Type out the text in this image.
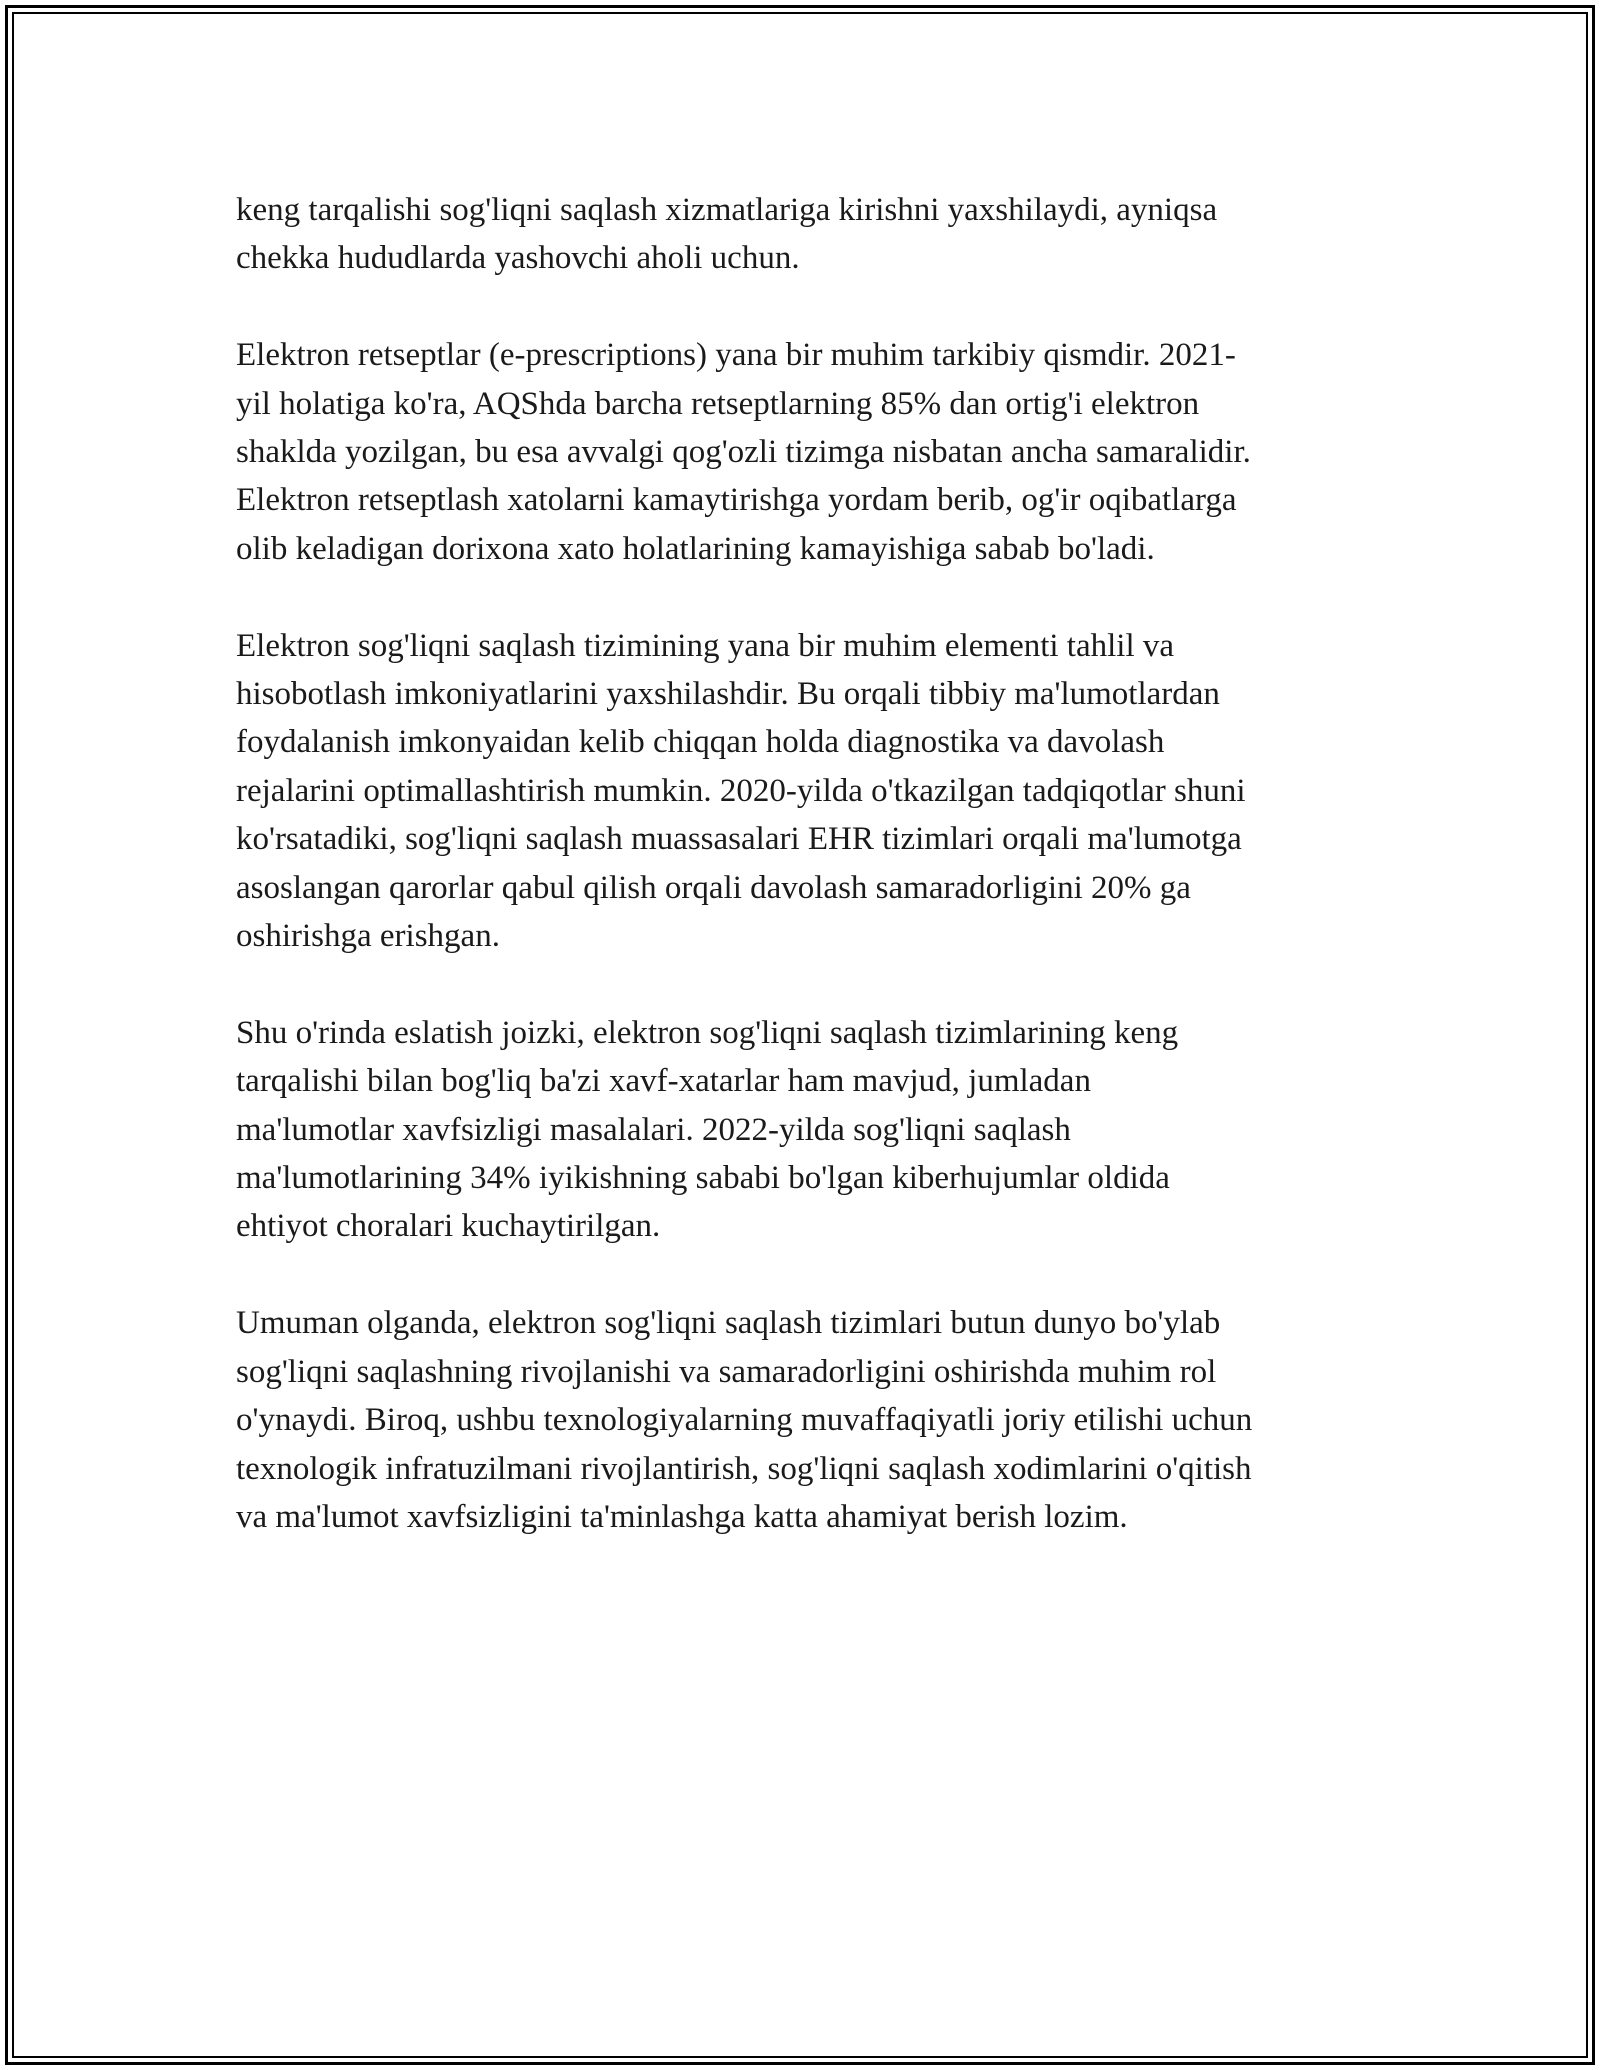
keng tarqalishi sog'liqni saqlash xizmatlariga kirishni yaxshilaydi, ayniqsa
chekka hududlarda yashovchi aholi uchun.

Elektron retseptlar (e-prescriptions) yana bir muhim tarkibiy qismdir. 2021-
yil holatiga ko'ra, AQShda barcha retseptlarning 85% dan ortig'i elektron
shaklda yozilgan, bu esa avvalgi qog'ozli tizimga nisbatan ancha samaralidir.
Elektron retseptlash xatolarni kamaytirishga yordam berib, og'ir oqibatlarga
olib keladigan dorixona xato holatlarining kamayishiga sabab bo'ladi.

Elektron sog'liqni saqlash tizimining yana bir muhim elementi tahlil va
hisobotlash imkoniyatlarini yaxshilashdir. Bu orqali tibbiy ma'lumotlardan
foydalanish imkonyaidan kelib chiqqan holda diagnostika va davolash
rejalarini optimallashtirish mumkin. 2020-yilda o'tkazilgan tadqiqotlar shuni
ko'rsatadiki, sog'liqni saqlash muassasalari EHR tizimlari orqali ma'lumotga
asoslangan qarorlar qabul qilish orqali davolash samaradorligini 20% ga
oshirishga erishgan.

Shu o'rinda eslatish joizki, elektron sog'liqni saqlash tizimlarining keng
tarqalishi bilan bog'liq ba'zi xavf-xatarlar ham mavjud, jumladan
ma'lumotlar xavfsizligi masalalari. 2022-yilda sog'liqni saqlash
ma'lumotlarining 34% iyikishning sababi bo'lgan kiberhujumlar oldida
ehtiyot choralari kuchaytirilgan.

Umuman olganda, elektron sog'liqni saqlash tizimlari butun dunyo bo'ylab
sog'liqni saqlashning rivojlanishi va samaradorligini oshirishda muhim rol
o'ynaydi. Biroq, ushbu texnologiyalarning muvaffaqiyatli joriy etilishi uchun
texnologik infratuzilmani rivojlantirish, sog'liqni saqlash xodimlarini o'qitish
va ma'lumot xavfsizligini ta'minlashga katta ahamiyat berish lozim.
